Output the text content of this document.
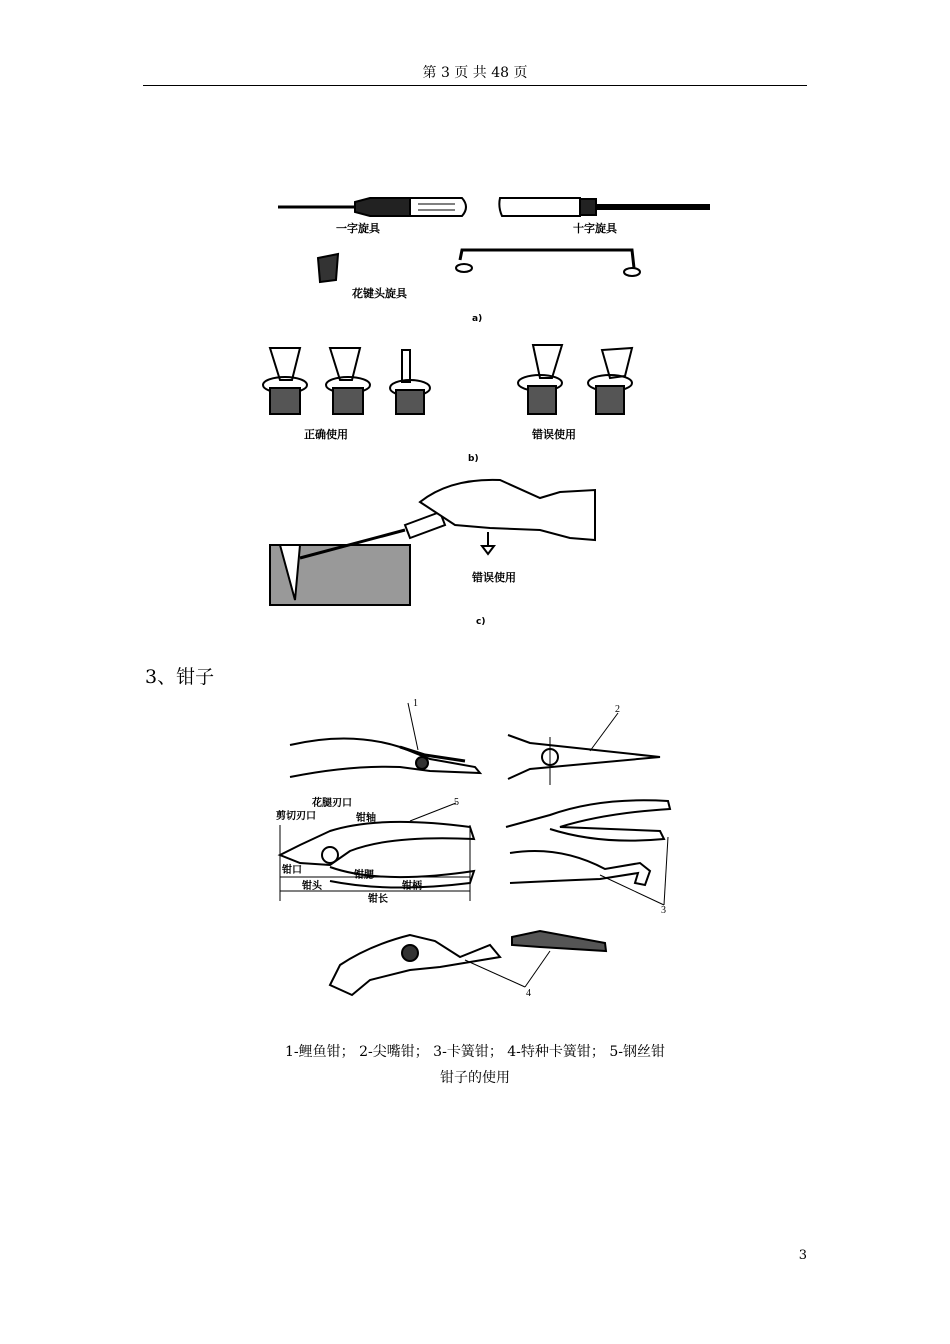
第 3 页 共 48 页
一字旋具	十字旋具
花键头旋具
a)
正确使用	错误使用
b)
错误使用
c)
3、钳子
1
2
3
4
5
花腿刃口
剪切刃口	钳轴
钳口	钳腮
钳头	钳柄
钳长
1-鲤鱼钳； 2-尖嘴钳； 3-卡簧钳； 4-特种卡簧钳； 5-钢丝钳
钳子的使用
3
